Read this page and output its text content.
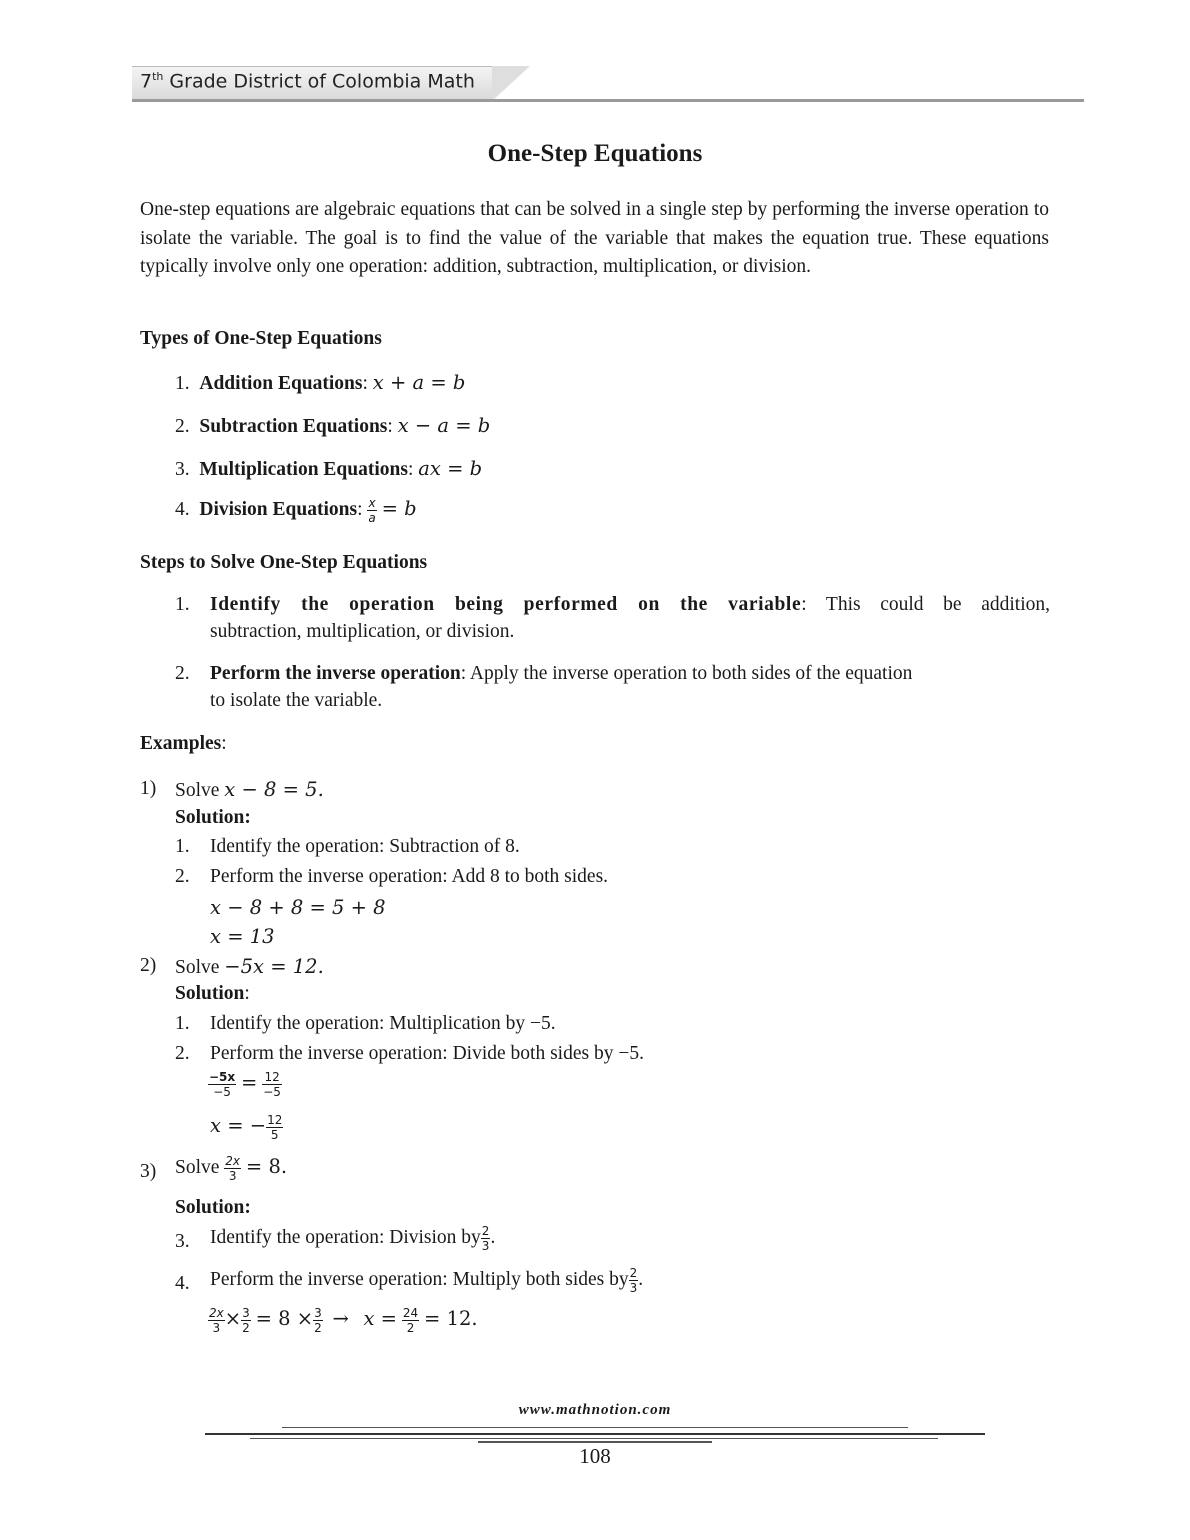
7th Grade District of Colombia Math
One-Step Equations
One-step equations are algebraic equations that can be solved in a single step by performing the inverse operation to isolate the variable. The goal is to find the value of the variable that makes the equation true. These equations typically involve only one operation: addition, subtraction, multiplication, or division.
Types of One-Step Equations
1. Addition Equations: x + a = b
2. Subtraction Equations: x − a = b
3. Multiplication Equations: ax = b
4. Division Equations: $\frac{x}{a} = b$
Steps to Solve One-Step Equations
1. Identify the operation being performed on the variable: This could be addition,
subtraction, multiplication, or division.
2. Perform the inverse operation: Apply the inverse operation to both sides of the equation
to isolate the variable.
Examples:
1) Solve x − 8 = 5.
Solution:
1. Identify the operation: Subtraction of 8.
2. Perform the inverse operation: Add 8 to both sides.
x − 8 + 8 = 5 + 8
x = 13
2) Solve −5x = 12.
Solution:
1. Identify the operation: Multiplication by −5.
2. Perform the inverse operation: Divide both sides by −5.
$\frac{-5x}{-5} = \frac{12}{-5}$
x = − $\frac{12}{5}$
3) Solve $\frac{2x}{3} = 8$.
Solution:
3. Identify the operation: Division by $\frac{2}{3}$ .
4. Perform the inverse operation: Multiply both sides by $\frac{2}{3}$ .
$\frac{2x}{3} \times \frac{3}{2} = 8 \times \frac{3}{2} \to x = \frac{24}{2} = 12$.
www.mathnotion.com
108
